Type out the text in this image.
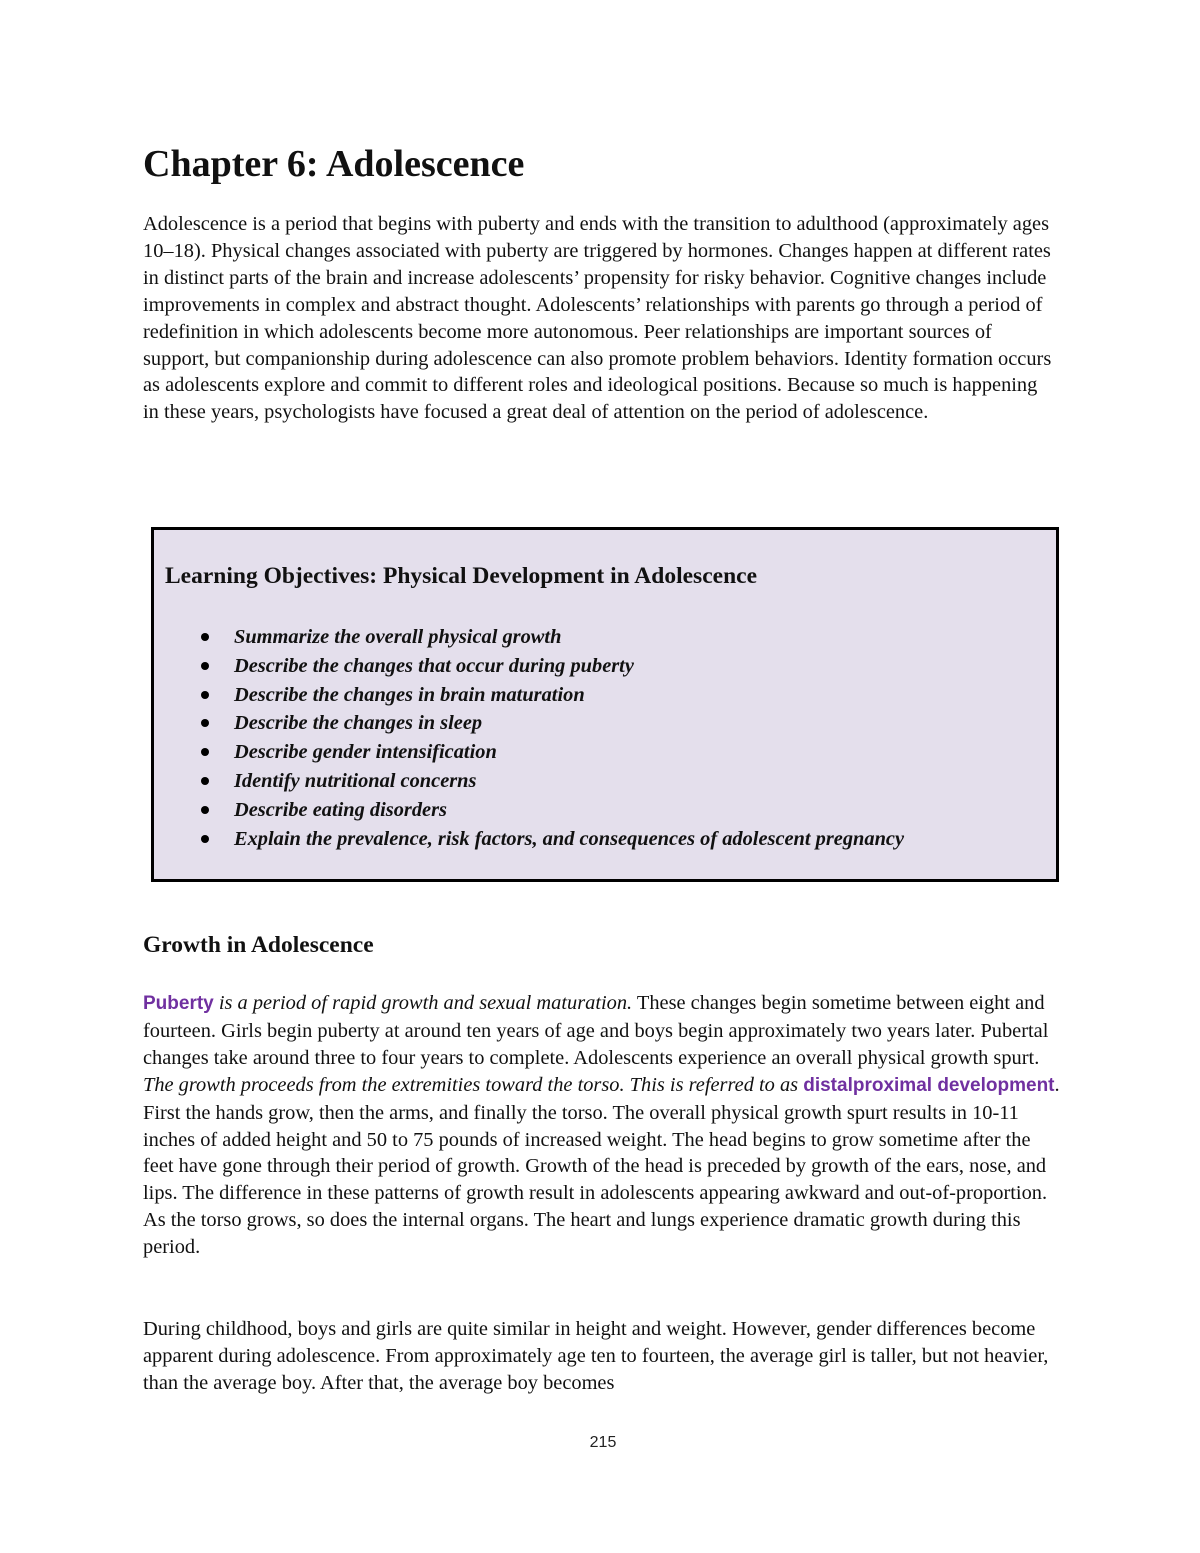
Chapter 6: Adolescence

Adolescence is a period that begins with puberty and ends with the transition to adulthood (approximately ages 10–18). Physical changes associated with puberty are triggered by hormones. Changes happen at different rates in distinct parts of the brain and increase adolescents’ propensity for risky behavior. Cognitive changes include improvements in complex and abstract thought. Adolescents’ relationships with parents go through a period of redefinition in which adolescents become more autonomous. Peer relationships are important sources of support, but companionship during adolescence can also promote problem behaviors. Identity formation occurs as adolescents explore and commit to different roles and ideological positions. Because so much is happening in these years, psychologists have focused a great deal of attention on the period of adolescence.

Learning Objectives: Physical Development in Adolescence
Summarize the overall physical growth
Describe the changes that occur during puberty
Describe the changes in brain maturation
Describe the changes in sleep
Describe gender intensification
Identify nutritional concerns
Describe eating disorders
Explain the prevalence, risk factors, and consequences of adolescent pregnancy
Growth in Adolescence

Puberty is a period of rapid growth and sexual maturation. These changes begin sometime between eight and fourteen. Girls begin puberty at around ten years of age and boys begin approximately two years later. Pubertal changes take around three to four years to complete. Adolescents experience an overall physical growth spurt. The growth proceeds from the extremities toward the torso. This is referred to as distalproximal development. First the hands grow, then the arms, and finally the torso. The overall physical growth spurt results in 10-11 inches of added height and 50 to 75 pounds of increased weight. The head begins to grow sometime after the feet have gone through their period of growth. Growth of the head is preceded by growth of the ears, nose, and lips. The difference in these patterns of growth result in adolescents appearing awkward and out-of-proportion. As the torso grows, so does the internal organs. The heart and lungs experience dramatic growth during this period.

During childhood, boys and girls are quite similar in height and weight. However, gender differences become apparent during adolescence. From approximately age ten to fourteen, the average girl is taller, but not heavier, than the average boy. After that, the average boy becomes

215
